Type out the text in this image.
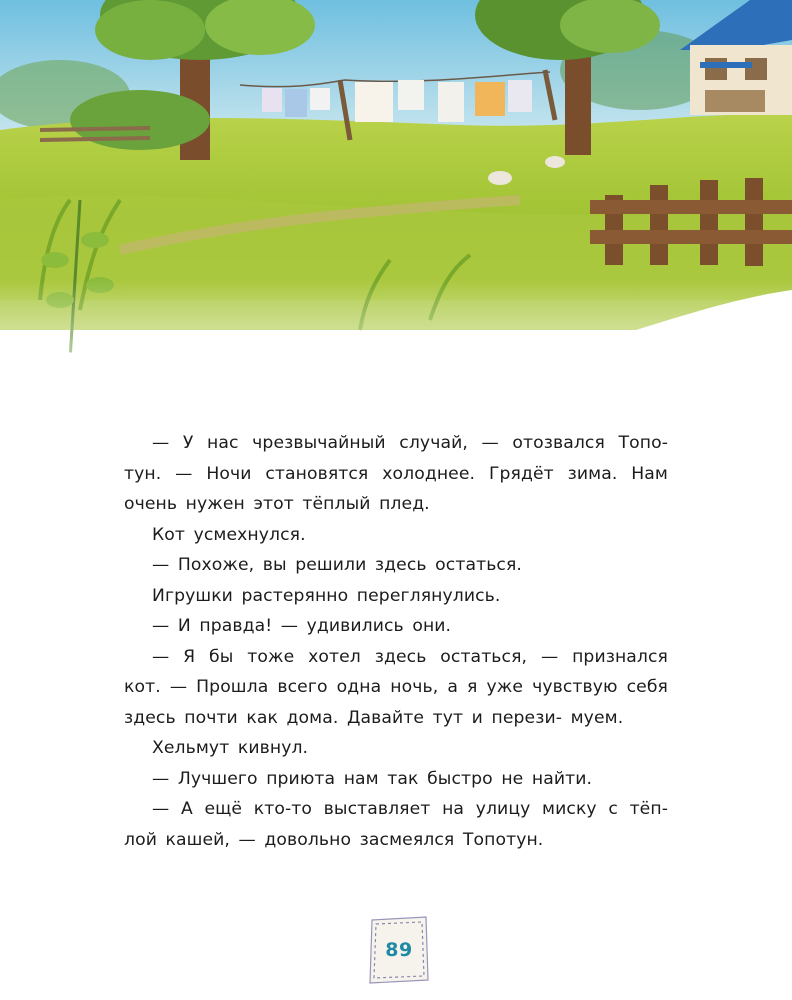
— У нас чрезвычайный случай, — отозвался Топо- тун. — Ночи становятся холоднее. Грядёт зима. Нам очень нужен этот тёплый плед.

Кот усмехнулся.

— Похоже, вы решили здесь остаться.

Игрушки растерянно переглянулись.

— И правда! — удивились они.

— Я бы тоже хотел здесь остаться, — признался кот. — Прошла всего одна ночь, а я уже чувствую себя здесь почти как дома. Давайте тут и перези- муем.

Хельмут кивнул.

— Лучшего приюта нам так быстро не найти.

— А ещё кто-то выставляет на улицу миску с тёп- лой кашей, — довольно засмеялся Топотун.

89
